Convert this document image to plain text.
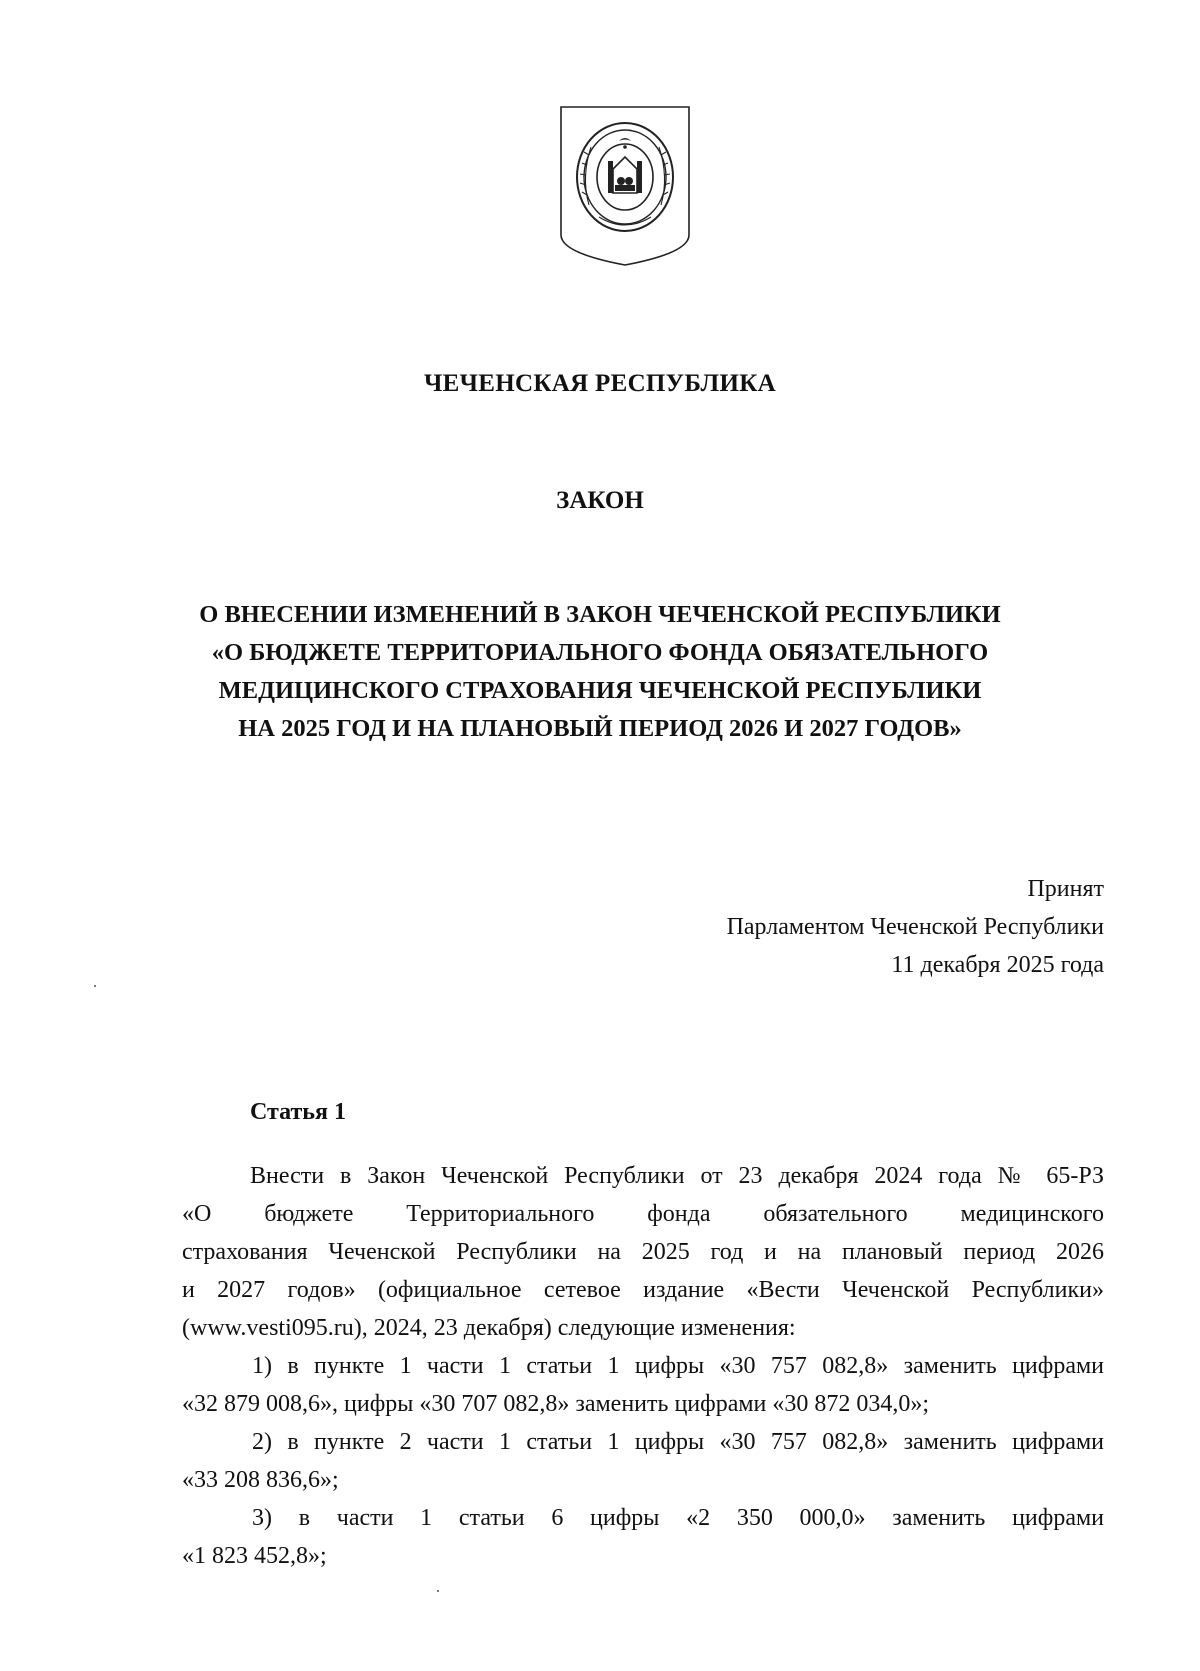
ЧЕЧЕНСКАЯ РЕСПУБЛИКА
ЗАКОН
О ВНЕСЕНИИ ИЗМЕНЕНИЙ В ЗАКОН ЧЕЧЕНСКОЙ РЕСПУБЛИКИ
«О БЮДЖЕТЕ ТЕРРИТОРИАЛЬНОГО ФОНДА ОБЯЗАТЕЛЬНОГО
МЕДИЦИНСКОГО СТРАХОВАНИЯ ЧЕЧЕНСКОЙ РЕСПУБЛИКИ
НА 2025 ГОД И НА ПЛАНОВЫЙ ПЕРИОД 2026 И 2027 ГОДОВ»
Принят
Парламентом Чеченской Республики
11 декабря 2025 года
Статья 1
Внести в Закон Чеченской Республики от 23 декабря 2024 года № 65-РЗ
«О бюджете Территориального фонда обязательного медицинского
страхования Чеченской Республики на 2025 год и на плановый период 2026
и 2027 годов» (официальное сетевое издание «Вести Чеченской Республики»
(www.vesti095.ru), 2024, 23 декабря) следующие изменения:
1) в пункте 1 части 1 статьи 1 цифры «30 757 082,8» заменить цифрами
«32 879 008,6», цифры «30 707 082,8» заменить цифрами «30 872 034,0»;
2) в пункте 2 части 1 статьи 1 цифры «30 757 082,8» заменить цифрами
«33 208 836,6»;
3) в части 1 статьи 6 цифры «2 350 000,0» заменить цифрами
«1 823 452,8»;
